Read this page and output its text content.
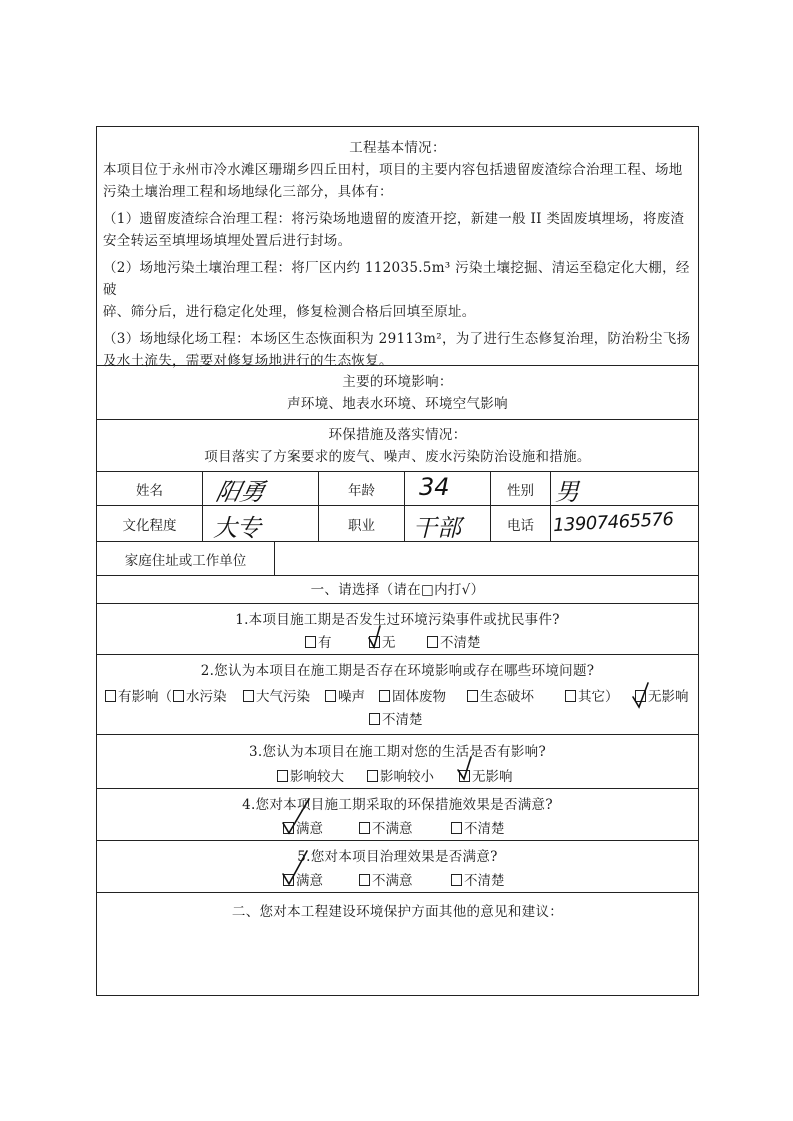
工程基本情况：
本项目位于永州市冷水滩区珊瑚乡四丘田村，项目的主要内容包括遗留废渣综合治理工程、场地
污染土壤治理工程和场地绿化三部分，具体有：
（1）遗留废渣综合治理工程：将污染场地遗留的废渣开挖，新建一般 II 类固废填埋场，将废渣
安全转运至填埋场填埋处置后进行封场。
（2）场地污染土壤治理工程：将厂区内约 112035.5m³ 污染土壤挖掘、清运至稳定化大棚，经破
碎、筛分后，进行稳定化处理，修复检测合格后回填至原址。
（3）场地绿化场工程：本场区生态恢面积为 29113m²，为了进行生态修复治理，防治粉尘飞扬
及水土流失，需要对修复场地进行的生态恢复。
主要的环境影响：
声环境、地表水环境、环境空气影响
环保措施及落实情况：
项目落实了方案要求的废气、噪声、废水污染防治设施和措施。
姓名	阳勇	年龄	34	性别 男
文化程度	大专	职业	干部	电话	13907465576
家庭住址或工作单位
一、请选择（请在□内打√）
1.本项目施工期是否发生过环境污染事件或扰民事件?
有	无	不清楚
2.您认为本项目在施工期是否存在环境影响或存在哪些环境问题?
有影响（	水污染	大气污染	噪声	固体废物	生态破坏	其它）	无影响
不清楚
3.您认为本项目在施工期对您的生活是否有影响?
影响较大	影响较小	无影响
4.您对本项目施工期采取的环保措施效果是否满意?
满意	不满意	不清楚
5.您对本项目治理效果是否满意?
满意	不满意	不清楚
二、您对本工程建设环境保护方面其他的意见和建议：
